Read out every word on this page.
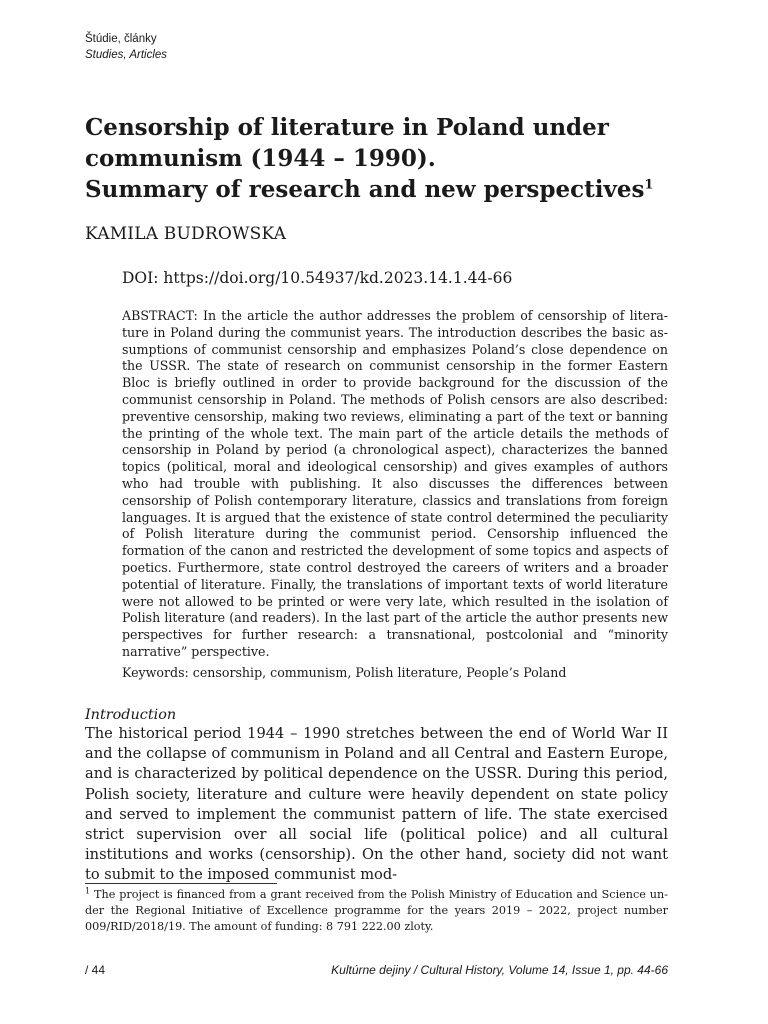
Štúdie, články
Studies, Articles
Censorship of literature in Poland under
communism (1944 – 1990).
Summary of research and new perspectives$^1$
KAMILA BUDROWSKA
DOI: https://doi.org/10.54937/kd.2023.14.1.44-66

ABSTRACT: In the article the author addresses the problem of censorship of literature in Poland during the communist years. The introduction describes the basic assumptions of communist censorship and emphasizes Poland’s close dependence on the USSR. The state of research on communist censorship in the former Eastern Bloc is briefly outlined in order to provide background for the discussion of the communist censorship in Poland. The methods of Polish censors are also described: preventive censorship, making two reviews, eliminating a part of the text or banning the printing of the whole text. The main part of the article details the methods of censorship in Poland by period (a chronological aspect), characterizes the banned topics (political, moral and ideological censorship) and gives examples of authors who had trouble with publishing. It also discusses the differences between censorship of Polish contemporary literature, classics and translations from foreign languages. It is argued that the existence of state control determined the peculiarity of Polish literature during the communist period. Censorship influenced the formation of the canon and restricted the development of some topics and aspects of poetics. Furthermore, state control destroyed the careers of writers and a broader potential of literature. Finally, the translations of important texts of world literature were not allowed to be printed or were very late, which resulted in the isolation of Polish literature (and readers). In the last part of the article the author presents new perspectives for further research: a transnational, postcolonial and “minority narrative” perspective.

Keywords: censorship, communism, Polish literature, People’s Poland
Introduction

The historical period 1944 – 1990 stretches between the end of World War II and the collapse of communism in Poland and all Central and Eastern Europe, and is characterized by political dependence on the USSR. During this period, Polish society, literature and culture were heavily dependent on state policy and served to implement the communist pattern of life. The state exercised strict supervision over all social life (political police) and all cultural institutions and works (censorship). On the other hand, society did not want to submit to the imposed communist mod-

$^1$ The project is financed from a grant received from the Polish Ministry of Education and Science under the Regional Initiative of Excellence programme for the years 2019 – 2022, project number 009/RID/2018/19. The amount of funding: 8 791 222.00 zloty.

/ 44	Kultúrne dejiny / Cultural History, Volume 14, Issue 1, pp. 44-66
